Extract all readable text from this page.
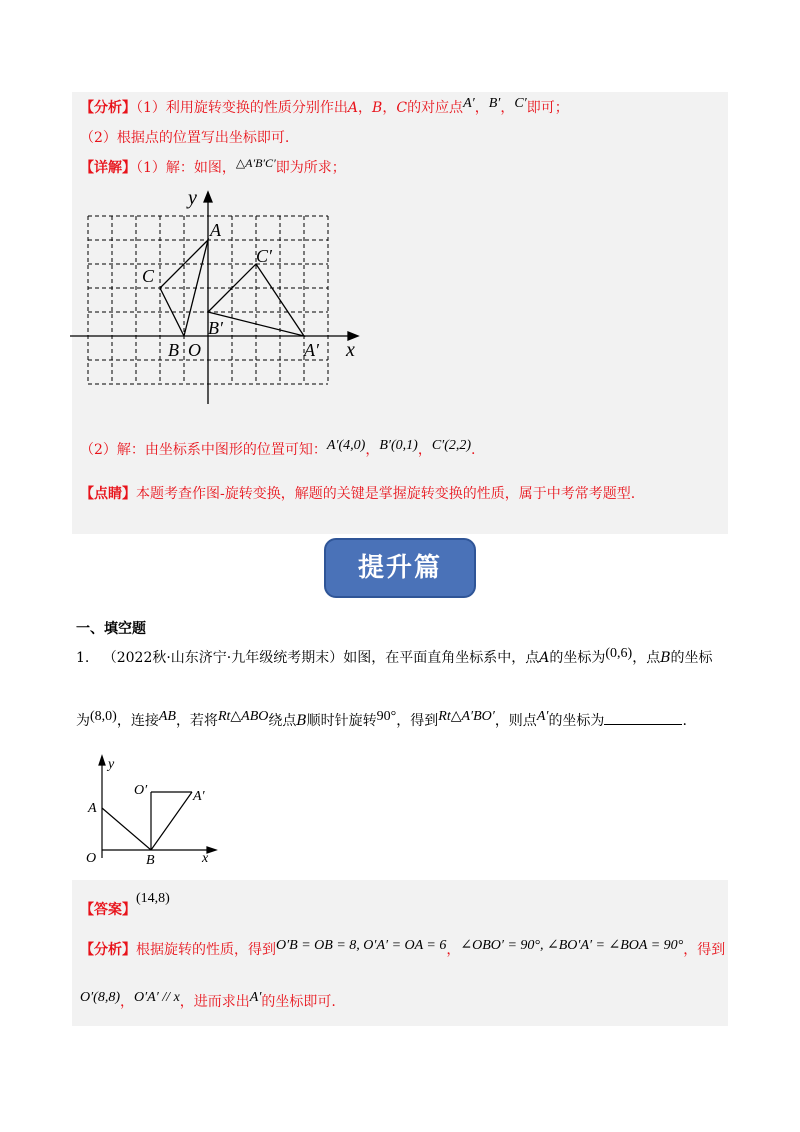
【分析】（1）利用旋转变换的性质分别作出A，B，C的对应点A′，B′，C′即可；
（2）根据点的位置写出坐标即可.
【详解】（1）解：如图，△A′B′C′即为所求；
y
x
A
C
C′
B O
B′
A′
（2）解：由坐标系中图形的位置可知：A′(4,0)，B′(0,1)，C′(2,2).
【点睛】本题考查作图-旋转变换，解题的关键是掌握旋转变换的性质，属于中考常考题型.
提升篇
一、填空题
1. （2022秋·山东济宁·九年级统考期末）如图，在平面直角坐标系中，点A的坐标为(0,6)，点B的坐标
为(8,0)，连接AB，若将Rt△ABO绕点B顺时针旋转90°，得到Rt△A′BO′，则点A′的坐标为	.
y
x
A
O	B
O′	A′
【答案】(14,8)
【分析】根据旋转的性质，得到O′B = OB = 8, O′A′ = OA = 6，∠OBO′ = 90°, ∠BO′A′ = ∠BOA = 90°，得到
O′(8,8)，O′A′ // x，进而求出A′的坐标即可.
